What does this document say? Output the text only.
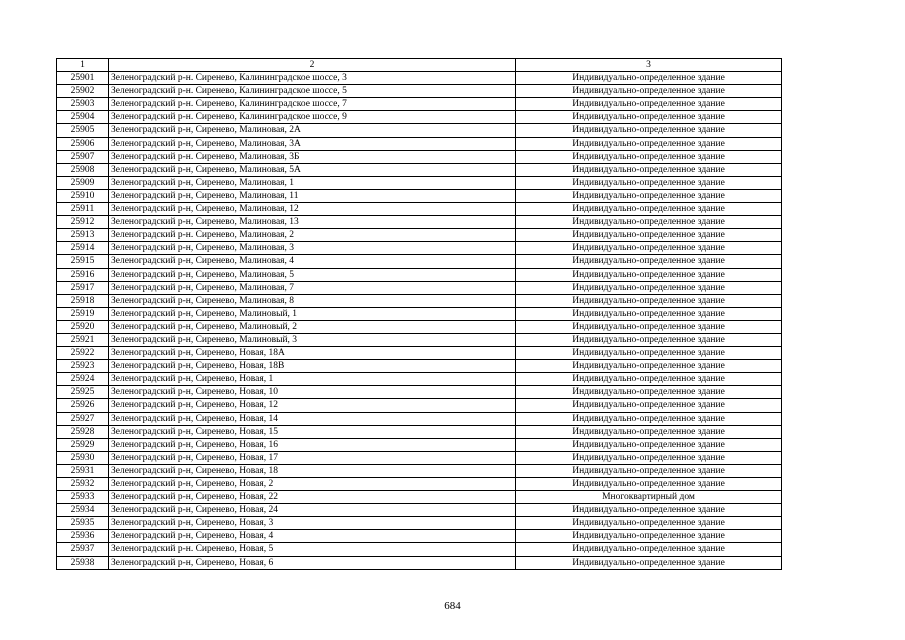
1	2	3
25901	Зеленоградский р-н. Сиренево, Калининградское шоссе, 3	Индивидуально-определенное здание
25902	Зеленоградский р-н. Сиренево, Калининградское шоссе, 5	Индивидуально-определенное здание
25903	Зеленоградский р-н. Сиренево, Калининградское шоссе, 7	Индивидуально-определенное здание
25904	Зеленоградский р-н. Сиренево, Калининградское шоссе, 9	Индивидуально-определенное здание
25905	Зеленоградский р-н, Сиренево, Малиновая, 2А	Индивидуально-определенное здание
25906	Зеленоградский р-н, Сиренево, Малиновая, 3А	Индивидуально-определенное здание
25907	Зеленоградский р-н. Сиренево, Малиновая, 3Б	Индивидуально-определенное здание
25908	Зеленоградский р-н, Сиренево, Малиновая, 5А	Индивидуально-определенное здание
25909	Зеленоградский р-н, Сиренево, Малиновая, 1	Индивидуально-определенное здание
25910	Зеленоградский р-н, Сиренево, Малиновая, 11	Индивидуально-определенное здание
25911	Зеленоградский р-н, Сиренево, Малиновая, 12	Индивидуально-определенное здание
25912	Зеленоградский р-н, Сиренево, Малиновая, 13	Индивидуально-определенное здание
25913	Зеленоградский р-н. Сиренево, Малиновая, 2	Индивидуально-определенное здание
25914	Зеленоградский р-н, Сиренево, Малиновая, 3	Индивидуально-определенное здание
25915	Зеленоградский р-н, Сиренево, Малиновая, 4	Индивидуально-определенное здание
25916	Зеленоградский р-н, Сиренево, Малиновая, 5	Индивидуально-определенное здание
25917	Зеленоградский р-н, Сиренево, Малиновая, 7	Индивидуально-определенное здание
25918	Зеленоградский р-н, Сиренево, Малиновая, 8	Индивидуально-определенное здание
25919	Зеленоградский р-н, Сиренево, Малиновый, 1	Индивидуально-определенное здание
25920	Зеленоградский р-н, Сиренево, Малиновый, 2	Индивидуально-определенное здание
25921	Зеленоградский р-н, Сиренево, Малиновый, 3	Индивидуально-определенное здание
25922	Зеленоградский р-н, Сиренево, Новая, 18А	Индивидуально-определенное здание
25923	Зеленоградский р-н, Сиренево, Новая, 18В	Индивидуально-определенное здание
25924	Зеленоградский р-н, Сиренево, Новая, 1	Индивидуально-определенное здание
25925	Зеленоградский р-н, Сиренево, Новая, 10	Индивидуально-определенное здание
25926	Зеленоградский р-н, Сиренево, Новая, 12	Индивидуально-определенное здание
25927	Зеленоградский р-н, Сиренево, Новая, 14	Индивидуально-определенное здание
25928	Зеленоградский р-н, Сиренево, Новая, 15	Индивидуально-определенное здание
25929	Зеленоградский р-н, Сиренево, Новая, 16	Индивидуально-определенное здание
25930	Зеленоградский р-н, Сиренево, Новая, 17	Индивидуально-определенное здание
25931	Зеленоградский р-н, Сиренево, Новая, 18	Индивидуально-определенное здание
25932	Зеленоградский р-н, Сиренево, Новая, 2	Индивидуально-определенное здание
25933	Зеленоградский р-н, Сиренево, Новая, 22	Многоквартирный дом
25934	Зеленоградский р-н, Сиренево, Новая, 24	Индивидуально-определенное здание
25935	Зеленоградский р-н, Сиренево, Новая, 3	Индивидуально-определенное здание
25936	Зеленоградский р-н, Сиренево, Новая, 4	Индивидуально-определенное здание
25937	Зеленоградский р-н. Сиренево, Новая, 5	Индивидуально-определенное здание
25938	Зеленоградский р-н, Сиренево, Новая, 6	Индивидуально-определенное здание
684
